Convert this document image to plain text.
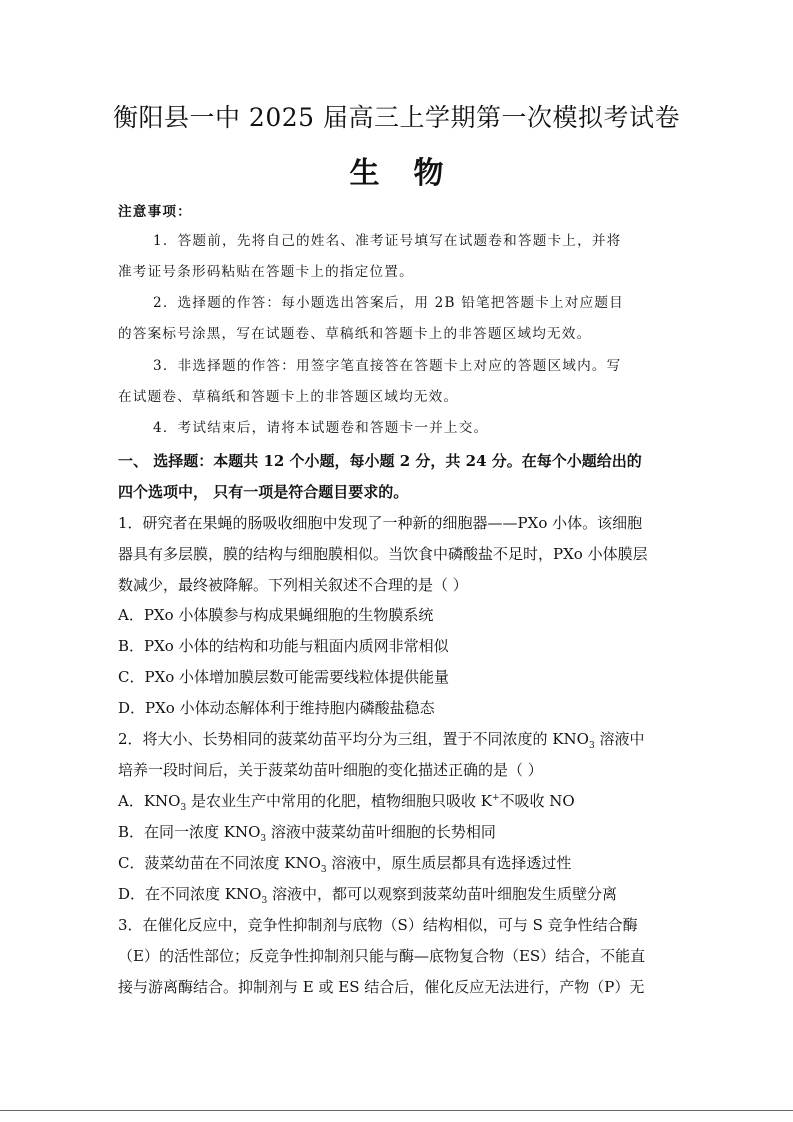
衡阳县一中 2025 届高三上学期第一次模拟考试卷
生物
注意事项：
1．答题前，先将自己的姓名、准考证号填写在试题卷和答题卡上，并将
准考证号条形码粘贴在答题卡上的指定位置。
2．选择题的作答：每小题选出答案后，用 2B 铅笔把答题卡上对应题目
的答案标号涂黑，写在试题卷、草稿纸和答题卡上的非答题区域均无效。
3．非选择题的作答：用签字笔直接答在答题卡上对应的答题区域内。写
在试题卷、草稿纸和答题卡上的非答题区域均无效。
4．考试结束后，请将本试题卷和答题卡一并上交。
一、 选择题：本题共 12 个小题，每小题 2 分，共 24 分。在每个小题给出的
四个选项中， 只有一项是符合题目要求的。
1．研究者在果蝇的肠吸收细胞中发现了一种新的细胞器——PXo 小体。该细胞
器具有多层膜，膜的结构与细胞膜相似。当饮食中磷酸盐不足时，PXo 小体膜层
数减少，最终被降解。下列相关叙述不合理的是（ ）
A．PXo 小体膜参与构成果蝇细胞的生物膜系统
B．PXo 小体的结构和功能与粗面内质网非常相似
C．PXo 小体增加膜层数可能需要线粒体提供能量
D．PXo 小体动态解体利于维持胞内磷酸盐稳态
2．将大小、长势相同的菠菜幼苗平均分为三组，置于不同浓度的 $KNO_3$ 溶液中
培养一段时间后，关于菠菜幼苗叶细胞的变化描述正确的是（ ）
A．$KNO_3$ 是农业生产中常用的化肥，植物细胞只吸收 K+不吸收 NO
B．在同一浓度 $KNO_3$ 溶液中菠菜幼苗叶细胞的长势相同
C．菠菜幼苗在不同浓度 $KNO_3$ 溶液中，原生质层都具有选择透过性
D．在不同浓度 $KNO_3$ 溶液中，都可以观察到菠菜幼苗叶细胞发生质壁分离
3．在催化反应中，竞争性抑制剂与底物（S）结构相似，可与 S 竞争性结合酶
（E）的活性部位；反竞争性抑制剂只能与酶—底物复合物（ES）结合，不能直
接与游离酶结合。抑制剂与 E 或 ES 结合后，催化反应无法进行，产物（P）无
